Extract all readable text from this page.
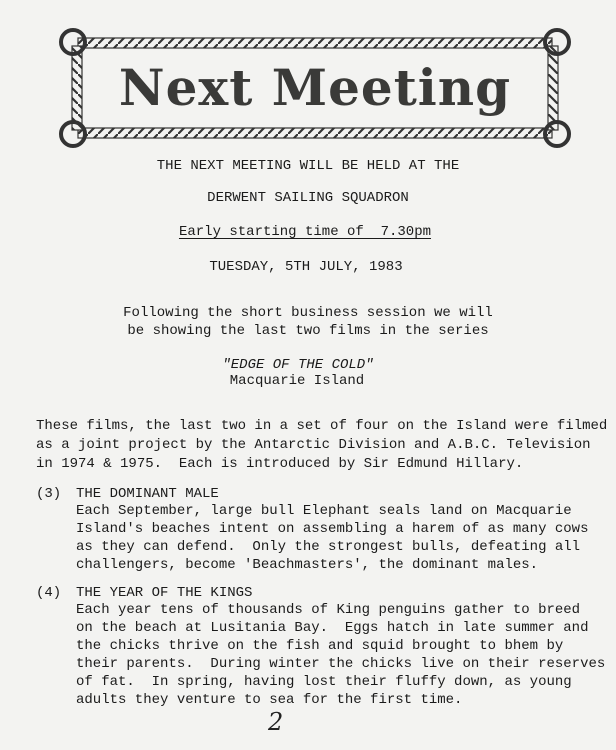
Next Meeting
THE NEXT MEETING WILL BE HELD AT THE
DERWENT SAILING SQUADRON
Early starting time of  7.30pm
TUESDAY, 5TH JULY, 1983
Following the short business session we will
be showing the last two films in the series
"EDGE OF THE COLD"
Macquarie Island
These films, the last two in a set of four on the Island were filmed
as a joint project by the Antarctic Division and A.B.C. Television
in 1974 & 1975.  Each is introduced by Sir Edmund Hillary.
(3) THE DOMINANT MALE
Each September, large bull Elephant seals land on Macquarie
Island's beaches intent on assembling a harem of as many cows
as they can defend.  Only the strongest bulls, defeating all
challengers, become 'Beachmasters', the dominant males.
(4) THE YEAR OF THE KINGS
Each year tens of thousands of King penguins gather to breed
on the beach at Lusitania Bay.  Eggs hatch in late summer and
the chicks thrive on the fish and squid brought to bhem by
their parents.  During winter the chicks live on their reserves
of fat.  In spring, having lost their fluffy down, as young
adults they venture to sea for the first time.
2
